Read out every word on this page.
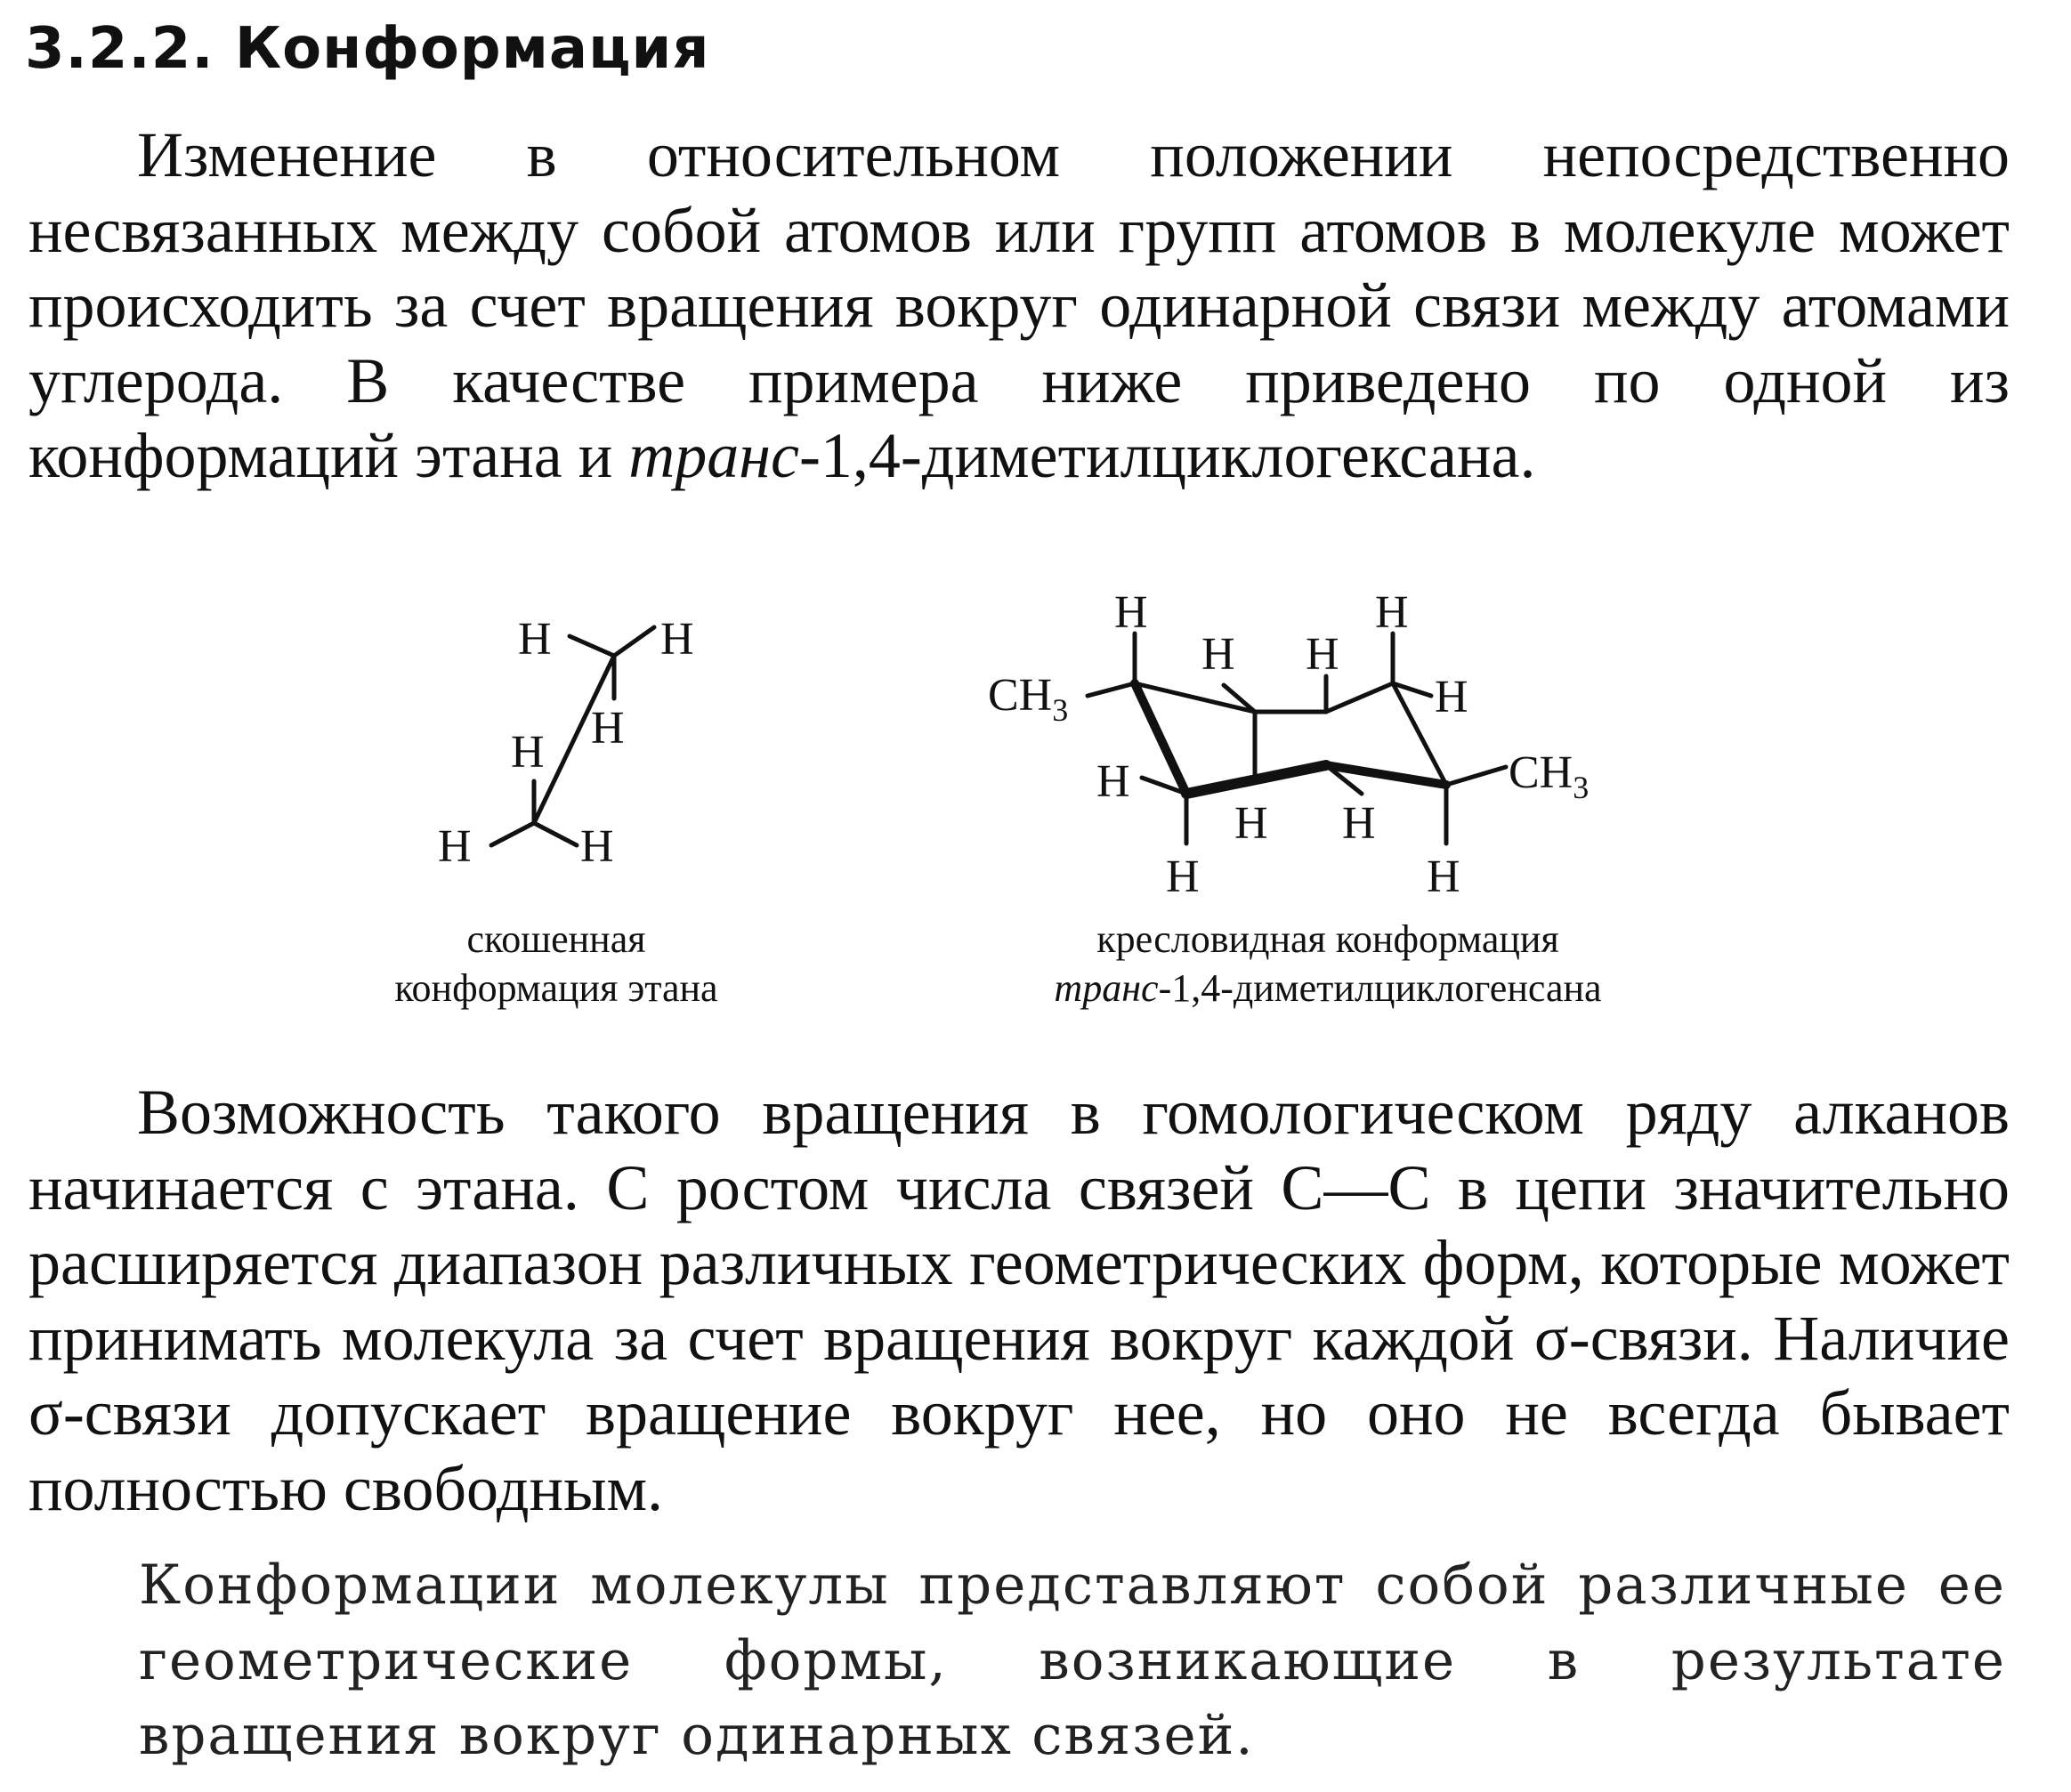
3.2.2. Конформация

Изменение в относительном положении непосредственно несвязанных между собой атомов или групп атомов в молекуле может происходить за счет вращения вокруг одинарной связи между атомами углерода. В качестве примера ниже приведено по одной из конформаций этана и транс-1,4-диметилциклогексана.

H H
H
H
H H
H	H
H H
H
H
H H
H	H
$CH_3$
$CH_3$

скошенная
конформация этана

кресловидная конформация
транс-1,4-диметилциклогенсана

Возможность такого вращения в гомологическом ряду алканов начинается с этана. С ростом числа связей С—С в цепи значительно расширяется диапазон различных геометрических форм, которые может принимать молекула за счет вращения вокруг каждой σ-связи. Наличие σ-связи допускает вращение вокруг нее, но оно не всегда бывает полностью свободным.

Конформации молекулы представляют собой различные ее геометрические формы, возникающие в результате вращения вокруг одинарных связей.
